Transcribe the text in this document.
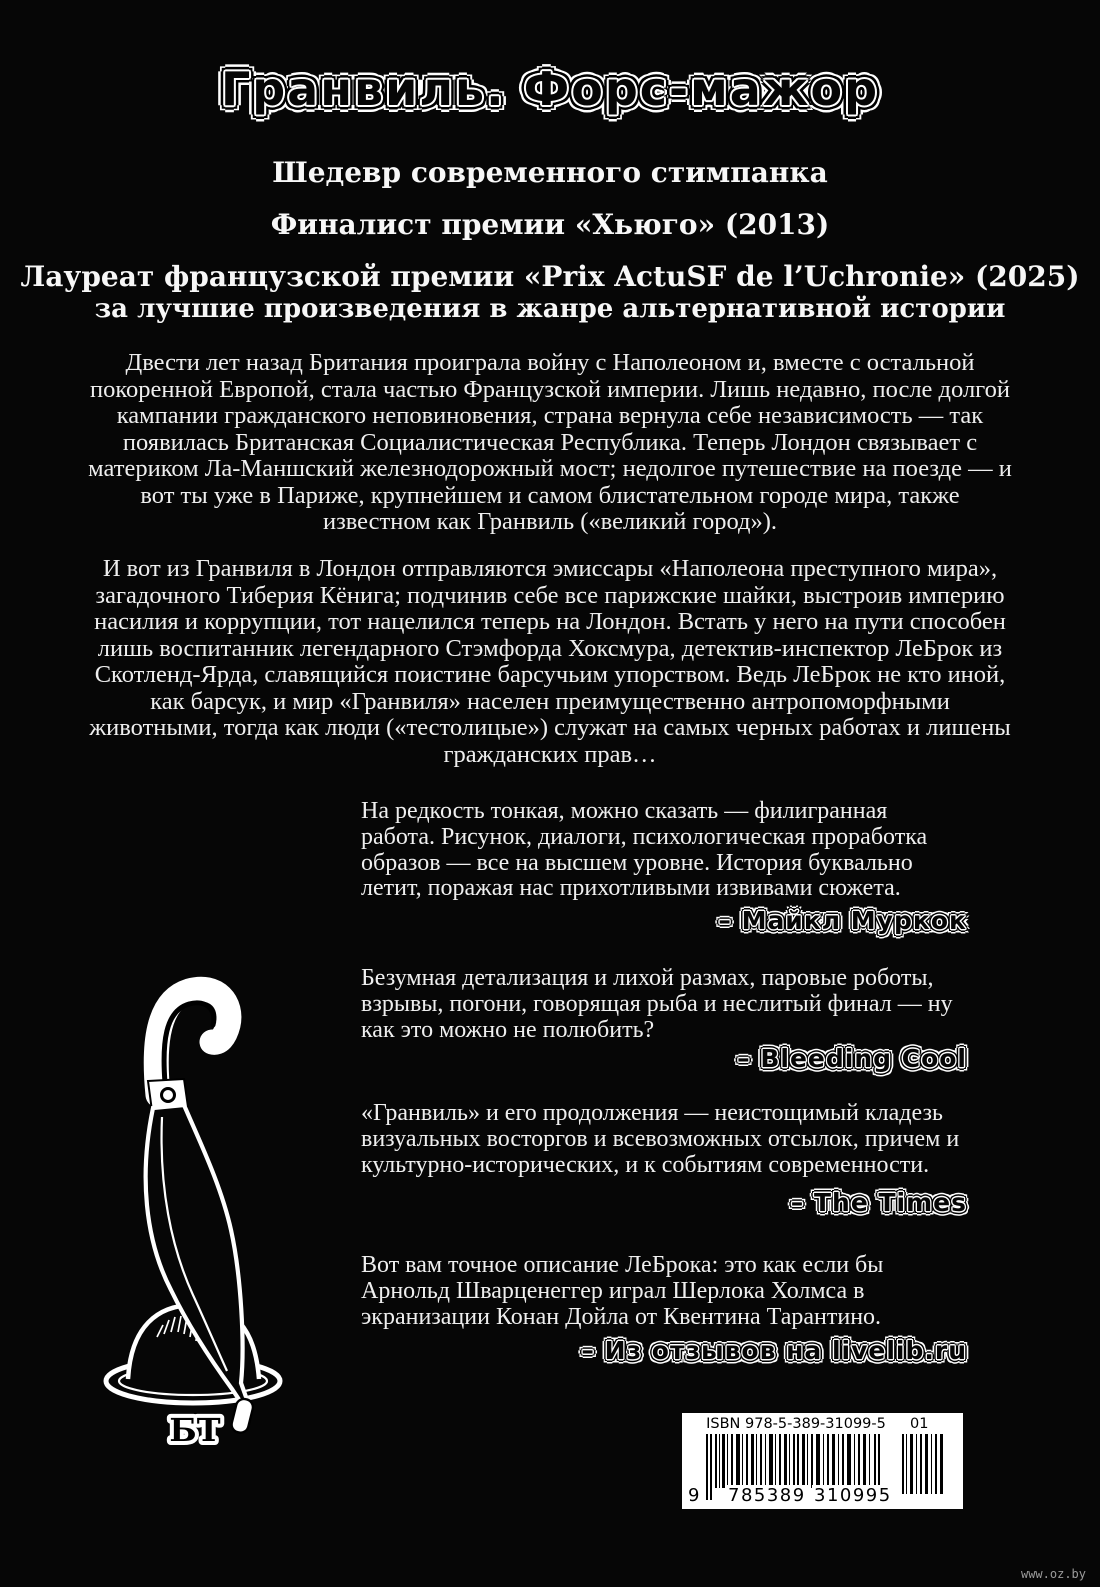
Гранвиль. Форс-мажор
Шедевр современного стимпанка
Финалист премии «Хьюго» (2013)
Лауреат французской премии «Prix ActuSF de l’Uchronie» (2025)
за лучшие произведения в жанре альтернативной истории
Двести лет назад Британия проиграла войну с Наполеоном и, вместе с остальной покоренной Европой, стала частью Французской империи. Лишь недавно, после долгой кампании гражданского неповиновения, страна вернула себе независимость — так появилась Британская Социалистическая Республика. Теперь Лондон связывает с материком Ла-Маншский железнодорожный мост; недолгое путешествие на поезде — и вот ты уже в Париже, крупнейшем и самом блистательном городе мира, также известном как Гранвиль («великий город»).
И вот из Гранвиля в Лондон отправляются эмиссары «Наполеона преступного мира», загадочного Тиберия Кёнига; подчинив себе все парижские шайки, выстроив империю насилия и коррупции, тот нацелился теперь на Лондон. Встать у него на пути способен лишь воспитанник легендарного Стэмфорда Хоксмура, детектив-инспектор ЛеБрок из Скотленд-Ярда, славящийся поистине барсучьим упорством. Ведь ЛеБрок не кто иной, как барсук, и мир «Гранвиля» населен преимущественно антропоморфными животными, тогда как люди («тестолицые») служат на самых черных работах и лишены гражданских прав…
На редкость тонкая, можно сказать — филигранная работа. Рисунок, диалоги, психологическая проработка образов — все на высшем уровне. История буквально летит, поражая нас прихотливыми извивами сюжета.
– Майкл Муркок
Безумная детализация и лихой размах, паровые роботы, взрывы, погони, говорящая рыба и неслитый финал — ну как это можно не полюбить?
– Bleeding Cool
«Гранвиль» и его продолжения — неистощимый кладезь визуальных восторгов и всевозможных отсылок, причем и культурно-исторических, и к событиям современности.
– The Times
Вот вам точное описание ЛеБрока: это как если бы Арнольд Шварценеггер играл Шерлока Холмса в экранизации Конан Дойла от Квентина Тарантино.
– Из отзывов на livelib.ru
БТ	ISBN 978-5-389-31099-5	01
9 785389 310995
www.oz.by
